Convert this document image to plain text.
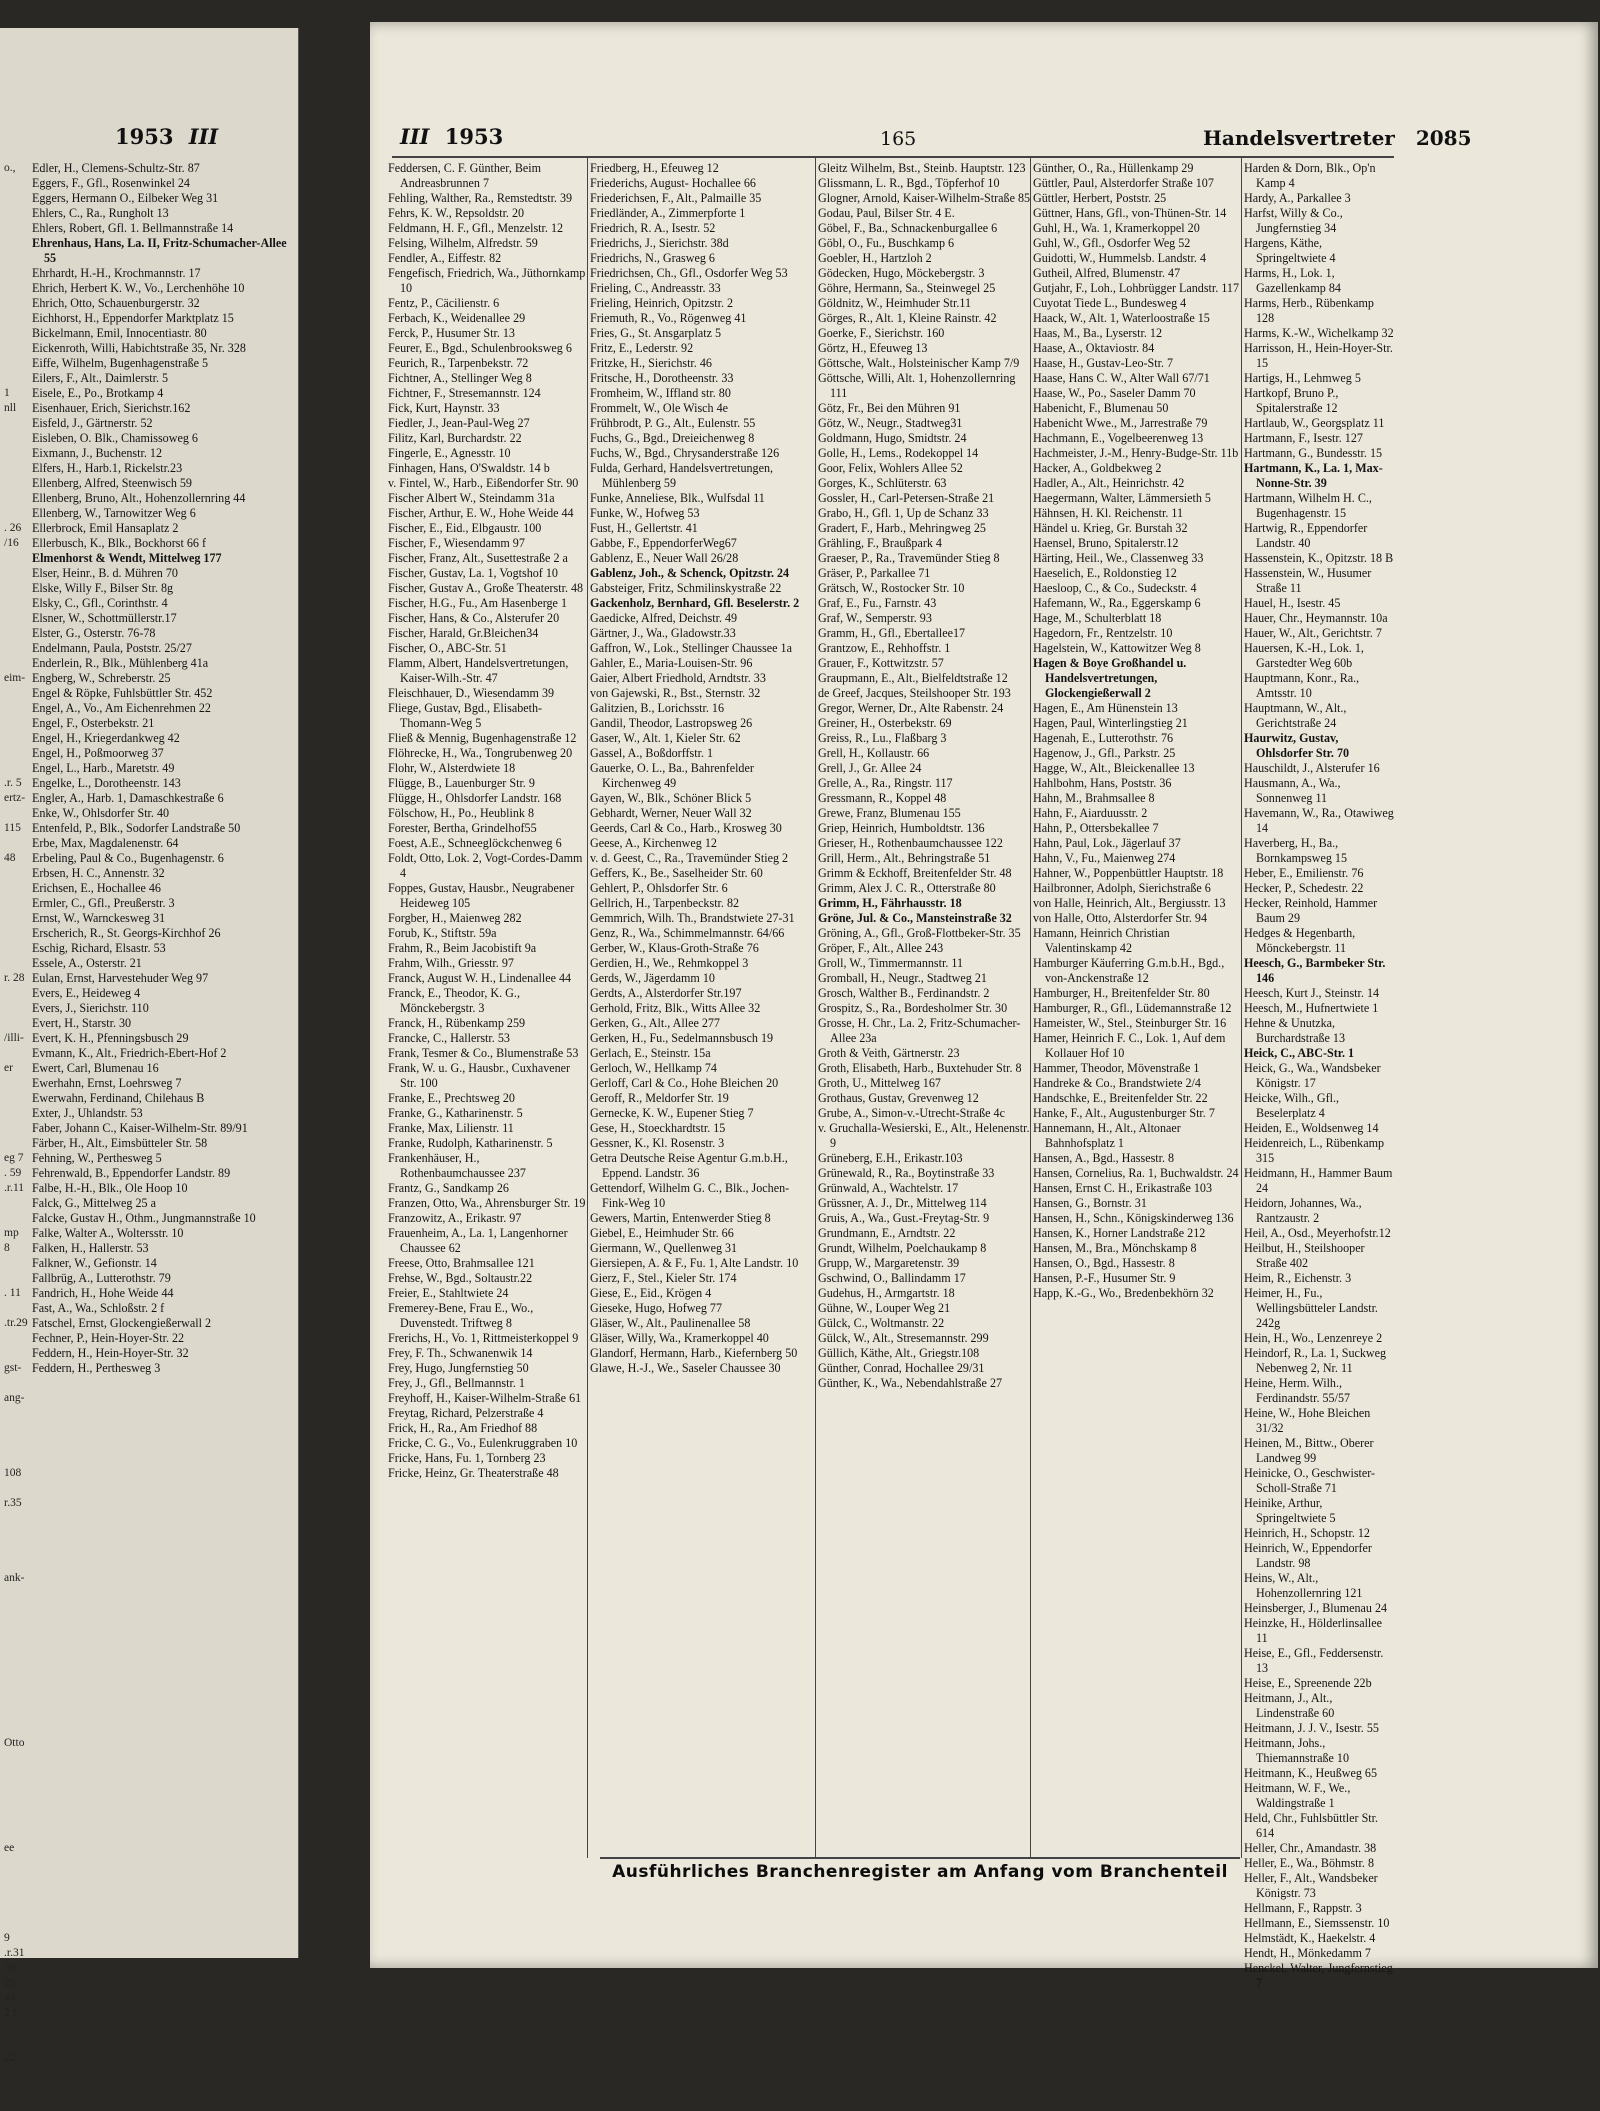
1953 III	III 1953	165	Handelsvertreter 2085
o.,
1
nll
. 26
/16
eim-
.r. 5
ertz-
115
48
r. 28
/illi-
er
eg 7
. 59
.r.11
mp 8
. 11
.tr.29
gst-
ang-
108
r.35
ank-
Otto
ee
9
.r.31
39
25
44
2 f
22
Edler, H., Clemens-Schultz-Str. 87
Eggers, F., Gfl., Rosenwinkel 24
Eggers, Hermann O., Eilbeker Weg 31
Ehlers, C., Ra., Rungholt 13
Ehlers, Robert, Gfl. 1. Bellmannstraße 14
Ehrenhaus, Hans, La. II, Fritz-Schumacher-Allee 55
Ehrhardt, H.-H., Krochmannstr. 17
Ehrich, Herbert K. W., Vo., Lerchenhöhe 10
Ehrich, Otto, Schauenburgerstr. 32
Eichhorst, H., Eppendorfer Marktplatz 15
Bickelmann, Emil, Innocentiastr. 80
Eickenroth, Willi, Habichtstraße 35, Nr. 328
Eiffe, Wilhelm, Bugenhagenstraße 5
Eilers, F., Alt., Daimlerstr. 5
Eisele, E., Po., Brotkamp 4
Eisenhauer, Erich, Sierichstr.162
Eisfeld, J., Gärtnerstr. 52
Eisleben, O. Blk., Chamissoweg 6
Eixmann, J., Buchenstr. 12
Elfers, H., Harb.1, Rickelstr.23
Ellenberg, Alfred, Steenwisch 59
Ellenberg, Bruno, Alt., Hohenzollernring 44
Ellenberg, W., Tarnowitzer Weg 6
Ellerbrock, Emil Hansaplatz 2
Ellerbusch, K., Blk., Bockhorst 66 f
Elmenhorst & Wendt, Mittelweg 177
Elser, Heinr., B. d. Mühren 70
Elske, Willy F., Bilser Str. 8g
Elsky, C., Gfl., Corinthstr. 4
Elsner, W., Schottmüllerstr.17
Elster, G., Osterstr. 76-78
Endelmann, Paula, Poststr. 25/27
Enderlein, R., Blk., Mühlenberg 41a
Engberg, W., Schreberstr. 25
Engel & Röpke, Fuhlsbüttler Str. 452
Engel, A., Vo., Am Eichenrehmen 22
Engel, F., Osterbekstr. 21
Engel, H., Kriegerdankweg 42
Engel, H., Poßmoorweg 37
Engel, L., Harb., Maretstr. 49
Engelke, L., Dorotheenstr. 143
Engler, A., Harb. 1, Damaschkestraße 6
Enke, W., Ohlsdorfer Str. 40
Entenfeld, P., Blk., Sodorfer Landstraße 50
Erbe, Max, Magdalenenstr. 64
Erbeling, Paul & Co., Bugenhagenstr. 6
Erbsen, H. C., Annenstr. 32
Erichsen, E., Hochallee 46
Ermler, C., Gfl., Preußerstr. 3
Ernst, W., Warnckesweg 31
Erscherich, R., St. Georgs-Kirchhof 26
Eschig, Richard, Elsastr. 53
Essele, A., Osterstr. 21
Eulan, Ernst, Harvestehuder Weg 97
Evers, E., Heideweg 4
Evers, J., Sierichstr. 110
Evert, H., Starstr. 30
Evert, K. H., Pfenningsbusch 29
Evmann, K., Alt., Friedrich-Ebert-Hof 2
Ewert, Carl, Blumenau 16
Ewerhahn, Ernst, Loehrsweg 7
Ewerwahn, Ferdinand, Chilehaus B
Exter, J., Uhlandstr. 53
Faber, Johann C., Kaiser-Wilhelm-Str. 89/91
Färber, H., Alt., Eimsbütteler Str. 58
Fehning, W., Perthesweg 5
Fehrenwald, B., Eppendorfer Landstr. 89
Falbe, H.-H., Blk., Ole Hoop 10
Falck, G., Mittelweg 25 a
Falcke, Gustav H., Othm., Jungmannstraße 10
Falke, Walter A., Woltersstr. 10
Falken, H., Hallerstr. 53
Falkner, W., Gefionstr. 14
Fallbrüg, A., Lutterothstr. 79
Fandrich, H., Hohe Weide 44
Fast, A., Wa., Schloßstr. 2 f
Fatschel, Ernst, Glockengießerwall 2
Fechner, P., Hein-Hoyer-Str. 22
Feddern, H., Hein-Hoyer-Str. 32
Feddern, H., Perthesweg 3
Feddersen, C. F. Günther, Beim Andreasbrunnen 7
Fehling, Walther, Ra., Remstedtstr. 39
Fehrs, K. W., Repsoldstr. 20
Feldmann, H. F., Gfl., Menzelstr. 12
Felsing, Wilhelm, Alfredstr. 59
Fendler, A., Eiffestr. 82
Fengefisch, Friedrich, Wa., Jüthornkamp 10
Fentz, P., Cäcilienstr. 6
Ferbach, K., Weidenallee 29
Ferck, P., Husumer Str. 13
Feurer, E., Bgd., Schulenbrooksweg 6
Feurich, R., Tarpenbekstr. 72
Fichtner, A., Stellinger Weg 8
Fichtner, F., Stresemannstr. 124
Fick, Kurt, Haynstr. 33
Fiedler, J., Jean-Paul-Weg 27
Filitz, Karl, Burchardstr. 22
Fingerle, E., Agnesstr. 10
Finhagen, Hans, O'Swaldstr. 14 b
v. Fintel, W., Harb., Eißendorfer Str. 90
Fischer Albert W., Steindamm 31a
Fischer, Arthur, E. W., Hohe Weide 44
Fischer, E., Eid., Elbgaustr. 100
Fischer, F., Wiesendamm 97
Fischer, Franz, Alt., Susettestraße 2 a
Fischer, Gustav, La. 1, Vogtshof 10
Fischer, Gustav A., Große Theaterstr. 48
Fischer, H.G., Fu., Am Hasenberge 1
Fischer, Hans, & Co., Alsterufer 20
Fischer, Harald, Gr.Bleichen34
Fischer, O., ABC-Str. 51
Flamm, Albert, Handelsvertretungen, Kaiser-Wilh.-Str. 47
Fleischhauer, D., Wiesendamm 39
Fliege, Gustav, Bgd., Elisabeth-Thomann-Weg 5
Fließ & Mennig, Bugenhagenstraße 12
Flöhrecke, H., Wa., Tongrubenweg 20
Flohr, W., Alsterdwiete 18
Flügge, B., Lauenburger Str. 9
Flügge, H., Ohlsdorfer Landstr. 168
Fölschow, H., Po., Heublink 8
Forester, Bertha, Grindelhof55
Foest, A.E., Schneeglöckchenweg 6
Foldt, Otto, Lok. 2, Vogt-Cordes-Damm 4
Foppes, Gustav, Hausbr., Neugrabener Heideweg 105
Forgber, H., Maienweg 282
Forub, K., Stiftstr. 59a
Frahm, R., Beim Jacobistift 9a
Frahm, Wilh., Griesstr. 97
Franck, August W. H., Lindenallee 44
Franck, E., Theodor, K. G., Mönckebergstr. 3
Franck, H., Rübenkamp 259
Francke, C., Hallerstr. 53
Frank, Tesmer & Co., Blumenstraße 53
Frank, W. u. G., Hausbr., Cuxhavener Str. 100
Franke, E., Prechtsweg 20
Franke, G., Katharinenstr. 5
Franke, Max, Lilienstr. 11
Franke, Rudolph, Katharinenstr. 5
Frankenhäuser, H., Rothenbaumchaussee 237
Frantz, G., Sandkamp 26
Franzen, Otto, Wa., Ahrensburger Str. 19
Franzowitz, A., Erikastr. 97
Frauenheim, A., La. 1, Langenhorner Chaussee 62
Freese, Otto, Brahmsallee 121
Frehse, W., Bgd., Soltaustr.22
Freier, E., Stahltwiete 24
Fremerey-Bene, Frau E., Wo., Duvenstedt. Triftweg 8
Frerichs, H., Vo. 1, Rittmeisterkoppel 9
Frey, F. Th., Schwanenwik 14
Frey, Hugo, Jungfernstieg 50
Frey, J., Gfl., Bellmannstr. 1
Freyhoff, H., Kaiser-Wilhelm-Straße 61
Freytag, Richard, Pelzerstraße 4
Frick, H., Ra., Am Friedhof 88
Fricke, C. G., Vo., Eulenkruggraben 10
Fricke, Hans, Fu. 1, Tornberg 23
Fricke, Heinz, Gr. Theaterstraße 48
Friedberg, H., Efeuweg 12
Friederichs, August- Hochallee 66
Friederichsen, F., Alt., Palmaille 35
Friedländer, A., Zimmerpforte 1
Friedrich, R. A., Isestr. 52
Friedrichs, J., Sierichstr. 38d
Friedrichs, N., Grasweg 6
Friedrichsen, Ch., Gfl., Osdorfer Weg 53
Frieling, C., Andreasstr. 33
Frieling, Heinrich, Opitzstr. 2
Friemuth, R., Vo., Rögenweg 41
Fries, G., St. Ansgarplatz 5
Fritz, E., Lederstr. 92
Fritzke, H., Sierichstr. 46
Fritsche, H., Dorotheenstr. 33
Fromheim, W., Iffland str. 80
Frommelt, W., Ole Wisch 4e
Frühbrodt, P. G., Alt., Eulenstr. 55
Fuchs, G., Bgd., Dreieichenweg 8
Fuchs, W., Bgd., Chrysanderstraße 126
Fulda, Gerhard, Handelsvertretungen, Mühlenberg 59
Funke, Anneliese, Blk., Wulfsdal 11
Funke, W., Hofweg 53
Fust, H., Gellertstr. 41
Gabbe, F., EppendorferWeg67
Gablenz, E., Neuer Wall 26/28
Gablenz, Joh., & Schenck, Opitzstr. 24
Gabsteiger, Fritz, Schmilinskystraße 22
Gackenholz, Bernhard, Gfl. Beselerstr. 2
Gaedicke, Alfred, Deichstr. 49
Gärtner, J., Wa., Gladowstr.33
Gaffron, W., Lok., Stellinger Chaussee 1a
Gahler, E., Maria-Louisen-Str. 96
Gaier, Albert Friedhold, Arndtstr. 33
von Gajewski, R., Bst., Sternstr. 32
Galitzien, B., Lorichsstr. 16
Gandil, Theodor, Lastropsweg 26
Gaser, W., Alt. 1, Kieler Str. 62
Gassel, A., Boßdorffstr. 1
Gauerke, O. L., Ba., Bahrenfelder Kirchenweg 49
Gayen, W., Blk., Schöner Blick 5
Gebhardt, Werner, Neuer Wall 32
Geerds, Carl & Co., Harb., Krosweg 30
Geese, A., Kirchenweg 12
v. d. Geest, C., Ra., Travemünder Stieg 2
Geffers, K., Be., Saselheider Str. 60
Gehlert, P., Ohlsdorfer Str. 6
Gellrich, H., Tarpenbeckstr. 82
Gemmrich, Wilh. Th., Brandstwiete 27-31
Genz, R., Wa., Schimmelmannstr. 64/66
Gerber, W., Klaus-Groth-Straße 76
Gerdien, H., We., Rehmkoppel 3
Gerds, W., Jägerdamm 10
Gerdts, A., Alsterdorfer Str.197
Gerhold, Fritz, Blk., Witts Allee 32
Gerken, G., Alt., Allee 277
Gerken, H., Fu., Sedelmannsbusch 19
Gerlach, E., Steinstr. 15a
Gerloch, W., Hellkamp 74
Gerloff, Carl & Co., Hohe Bleichen 20
Geroff, R., Meldorfer Str. 19
Gernecke, K. W., Eupener Stieg 7
Gese, H., Stoeckhardtstr. 15
Gessner, K., Kl. Rosenstr. 3
Getra Deutsche Reise Agentur G.m.b.H., Eppend. Landstr. 36
Gettendorf, Wilhelm G. C., Blk., Jochen-Fink-Weg 10
Gewers, Martin, Entenwerder Stieg 8
Giebel, E., Heimhuder Str. 66
Giermann, W., Quellenweg 31
Giersiepen, A. & F., Fu. 1, Alte Landstr. 10
Gierz, F., Stel., Kieler Str. 174
Giese, E., Eid., Krögen 4
Gieseke, Hugo, Hofweg 77
Gläser, W., Alt., Paulinenallee 58
Gläser, Willy, Wa., Kramerkoppel 40
Glandorf, Hermann, Harb., Kiefernberg 50
Glawe, H.-J., We., Saseler Chaussee 30
Gleitz Wilhelm, Bst., Steinb. Hauptstr. 123
Glissmann, L. R., Bgd., Töpferhof 10
Glogner, Arnold, Kaiser-Wilhelm-Straße 85
Godau, Paul, Bilser Str. 4 E.
Göbel, F., Ba., Schnackenburgallee 6
Göbl, O., Fu., Buschkamp 6
Goebler, H., Hartzloh 2
Gödecken, Hugo, Möckebergstr. 3
Göhre, Hermann, Sa., Steinwegel 25
Göldnitz, W., Heimhuder Str.11
Görges, R., Alt. 1, Kleine Rainstr. 42
Goerke, F., Sierichstr. 160
Görtz, H., Efeuweg 13
Göttsche, Walt., Holsteinischer Kamp 7/9
Göttsche, Willi, Alt. 1, Hohenzollernring 111
Götz, Fr., Bei den Mühren 91
Götz, W., Neugr., Stadtweg31
Goldmann, Hugo, Smidtstr. 24
Golle, H., Lems., Rodekoppel 14
Goor, Felix, Wohlers Allee 52
Gorges, K., Schlüterstr. 63
Gossler, H., Carl-Petersen-Straße 21
Grabo, H., Gfl. 1, Up de Schanz 33
Gradert, F., Harb., Mehringweg 25
Grähling, F., Braußpark 4
Graeser, P., Ra., Travemünder Stieg 8
Gräser, P., Parkallee 71
Grätsch, W., Rostocker Str. 10
Graf, E., Fu., Farnstr. 43
Graf, W., Semperstr. 93
Gramm, H., Gfl., Ebertallee17
Grantzow, E., Rehhoffstr. 1
Grauer, F., Kottwitzstr. 57
Graupmann, E., Alt., Bielfeldtstraße 12
de Greef, Jacques, Steilshooper Str. 193
Gregor, Werner, Dr., Alte Rabenstr. 24
Greiner, H., Osterbekstr. 69
Greiss, R., Lu., Flaßbarg 3
Grell, H., Kollaustr. 66
Grell, J., Gr. Allee 24
Grelle, A., Ra., Ringstr. 117
Gressmann, R., Koppel 48
Grewe, Franz, Blumenau 155
Griep, Heinrich, Humboldtstr. 136
Grieser, H., Rothenbaumchaussee 122
Grill, Herm., Alt., Behringstraße 51
Grimm & Eckhoff, Breitenfelder Str. 48
Grimm, Alex J. C. R., Otterstraße 80
Grimm, H., Fährhausstr. 18
Gröne, Jul. & Co., Mansteinstraße 32
Gröning, A., Gfl., Groß-Flottbeker-Str. 35
Gröper, F., Alt., Allee 243
Groll, W., Timmermannstr. 11
Gromball, H., Neugr., Stadtweg 21
Grosch, Walther B., Ferdinandstr. 2
Grospitz, S., Ra., Bordesholmer Str. 30
Grosse, H. Chr., La. 2, Fritz-Schumacher-Allee 23a
Groth & Veith, Gärtnerstr. 23
Groth, Elisabeth, Harb., Buxtehuder Str. 8
Groth, U., Mittelweg 167
Grothaus, Gustav, Grevenweg 12
Grube, A., Simon-v.-Utrecht-Straße 4c
v. Gruchalla-Wesierski, E., Alt., Helenenstr. 9
Grüneberg, E.H., Erikastr.103
Grünewald, R., Ra., Boytinstraße 33
Grünwald, A., Wachtelstr. 17
Grüssner, A. J., Dr., Mittelweg 114
Gruis, A., Wa., Gust.-Freytag-Str. 9
Grundmann, E., Arndtstr. 22
Grundt, Wilhelm, Poelchaukamp 8
Grupp, W., Margaretenstr. 39
Gschwind, O., Ballindamm 17
Gudehus, H., Armgartstr. 18
Gühne, W., Louper Weg 21
Gülck, C., Woltmanstr. 22
Gülck, W., Alt., Stresemannstr. 299
Güllich, Käthe, Alt., Griegstr.108
Günther, Conrad, Hochallee 29/31
Günther, K., Wa., Nebendahlstraße 27
Günther, O., Ra., Hüllenkamp 29
Güttler, Paul, Alsterdorfer Straße 107
Güttler, Herbert, Poststr. 25
Güttner, Hans, Gfl., von-Thünen-Str. 14
Guhl, H., Wa. 1, Kramerkoppel 20
Guhl, W., Gfl., Osdorfer Weg 52
Guidotti, W., Hummelsb. Landstr. 4
Gutheil, Alfred, Blumenstr. 47
Gutjahr, F., Loh., Lohbrügger Landstr. 117
Cuyotat Tiede L., Bundesweg 4
Haack, W., Alt. 1, Waterloostraße 15
Haas, M., Ba., Lyserstr. 12
Haase, A., Oktaviostr. 84
Haase, H., Gustav-Leo-Str. 7
Haase, Hans C. W., Alter Wall 67/71
Haase, W., Po., Saseler Damm 70
Habenicht, F., Blumenau 50
Habenicht Wwe., M., Jarrestraße 79
Hachmann, E., Vogelbeerenweg 13
Hachmeister, J.-M., Henry-Budge-Str. 11b
Hacker, A., Goldbekweg 2
Hadler, A., Alt., Heinrichstr. 42
Haegermann, Walter, Lämmersieth 5
Hähnsen, H. Kl. Reichenstr. 11
Händel u. Krieg, Gr. Burstah 32
Haensel, Bruno, Spitalerstr.12
Härting, Heil., We., Classenweg 33
Haeselich, E., Roldonstieg 12
Haesloop, C., & Co., Sudeckstr. 4
Hafemann, W., Ra., Eggerskamp 6
Hage, M., Schulterblatt 18
Hagedorn, Fr., Rentzelstr. 10
Hagelstein, W., Kattowitzer Weg 8
Hagen & Boye Großhandel u. Handelsvertretungen, Glockengießerwall 2
Hagen, E., Am Hünenstein 13
Hagen, Paul, Winterlingstieg 21
Hagenah, E., Lutterothstr. 76
Hagenow, J., Gfl., Parkstr. 25
Hagge, W., Alt., Bleickenallee 13
Hahlbohm, Hans, Poststr. 36
Hahn, M., Brahmsallee 8
Hahn, F., Aiarduusstr. 2
Hahn, P., Ottersbekallee 7
Hahn, Paul, Lok., Jägerlauf 37
Hahn, V., Fu., Maienweg 274
Hahner, W., Poppenbüttler Hauptstr. 18
Hailbronner, Adolph, Sierichstraße 6
von Halle, Heinrich, Alt., Bergiusstr. 13
von Halle, Otto, Alsterdorfer Str. 94
Hamann, Heinrich Christian Valentinskamp 42
Hamburger Käuferring G.m.b.H., Bgd., von-Anckenstraße 12
Hamburger, H., Breitenfelder Str. 80
Hamburger, R., Gfl., Lüdemannstraße 12
Hameister, W., Stel., Steinburger Str. 16
Hamer, Heinrich F. C., Lok. 1, Auf dem Kollauer Hof 10
Hammer, Theodor, Mövenstraße 1
Handreke & Co., Brandstwiete 2/4
Handschke, E., Breitenfelder Str. 22
Hanke, F., Alt., Augustenburger Str. 7
Hannemann, H., Alt., Altonaer Bahnhofsplatz 1
Hansen, A., Bgd., Hassestr. 8
Hansen, Cornelius, Ra. 1, Buchwaldstr. 24
Hansen, Ernst C. H., Erikastraße 103
Hansen, G., Bornstr. 31
Hansen, H., Schn., Königskinderweg 136
Hansen, K., Horner Landstraße 212
Hansen, M., Bra., Mönchskamp 8
Hansen, O., Bgd., Hassestr. 8
Hansen, P.-F., Husumer Str. 9
Happ, K.-G., Wo., Bredenbekhörn 32
Harden & Dorn, Blk., Op'n Kamp 4
Hardy, A., Parkallee 3
Harfst, Willy & Co., Jungfernstieg 34
Hargens, Käthe, Springeltwiete 4
Harms, H., Lok. 1, Gazellenkamp 84
Harms, Herb., Rübenkamp 128
Harms, K.-W., Wichelkamp 32
Harrisson, H., Hein-Hoyer-Str. 15
Hartigs, H., Lehmweg 5
Hartkopf, Bruno P., Spitalerstraße 12
Hartlaub, W., Georgsplatz 11
Hartmann, F., Isestr. 127
Hartmann, G., Bundesstr. 15
Hartmann, K., La. 1, Max-Nonne-Str. 39
Hartmann, Wilhelm H. C., Bugenhagenstr. 15
Hartwig, R., Eppendorfer Landstr. 40
Hassenstein, K., Opitzstr. 18 B
Hassenstein, W., Husumer Straße 11
Hauel, H., Isestr. 45
Hauer, Chr., Heymannstr. 10a
Hauer, W., Alt., Gerichtstr. 7
Hauersen, K.-H., Lok. 1, Garstedter Weg 60b
Hauptmann, Konr., Ra., Amtsstr. 10
Hauptmann, W., Alt., Gerichtstraße 24
Haurwitz, Gustav, Ohlsdorfer Str. 70
Hauschildt, J., Alsterufer 16
Hausmann, A., Wa., Sonnenweg 11
Havemann, W., Ra., Otawiweg 14
Haverberg, H., Ba., Bornkampsweg 15
Heber, E., Emilienstr. 76
Hecker, P., Schedestr. 22
Hecker, Reinhold, Hammer Baum 29
Hedges & Hegenbarth, Mönckebergstr. 11
Heesch, G., Barmbeker Str. 146
Heesch, Kurt J., Steinstr. 14
Heesch, M., Hufnertwiete 1
Hehne & Unutzka, Burchardstraße 13
Heick, C., ABC-Str. 1
Heick, G., Wa., Wandsbeker Königstr. 17
Heicke, Wilh., Gfl., Beselerplatz 4
Heiden, E., Woldsenweg 14
Heidenreich, L., Rübenkamp 315
Heidmann, H., Hammer Baum 24
Heidorn, Johannes, Wa., Rantzaustr. 2
Heil, A., Osd., Meyerhofstr.12
Heilbut, H., Steilshooper Straße 402
Heim, R., Eichenstr. 3
Heimer, H., Fu., Wellingsbütteler Landstr. 242g
Hein, H., Wo., Lenzenreye 2
Heindorf, R., La. 1, Suckweg Nebenweg 2, Nr. 11
Heine, Herm. Wilh., Ferdinandstr. 55/57
Heine, W., Hohe Bleichen 31/32
Heinen, M., Bittw., Oberer Landweg 99
Heinicke, O., Geschwister-Scholl-Straße 71
Heinike, Arthur, Springeltwiete 5
Heinrich, H., Schopstr. 12
Heinrich, W., Eppendorfer Landstr. 98
Heins, W., Alt., Hohenzollernring 121
Heinsberger, J., Blumenau 24
Heinzke, H., Hölderlinsallee 11
Heise, E., Gfl., Feddersenstr. 13
Heise, E., Spreenende 22b
Heitmann, J., Alt., Lindenstraße 60
Heitmann, J. J. V., Isestr. 55
Heitmann, Johs., Thiemannstraße 10
Heitmann, K., Heußweg 65
Heitmann, W. F., We., Waldingstraße 1
Held, Chr., Fuhlsbüttler Str. 614
Heller, Chr., Amandastr. 38
Heller, E., Wa., Böhmstr. 8
Heller, F., Alt., Wandsbeker Königstr. 73
Hellmann, F., Rappstr. 3
Hellmann, E., Siemssenstr. 10
Helmstädt, K., Haekelstr. 4
Hendt, H., Mönkedamm 7
Henckel, Walter, Jungfernstieg 7
Ausführliches Branchenregister am Anfang vom Branchenteil
